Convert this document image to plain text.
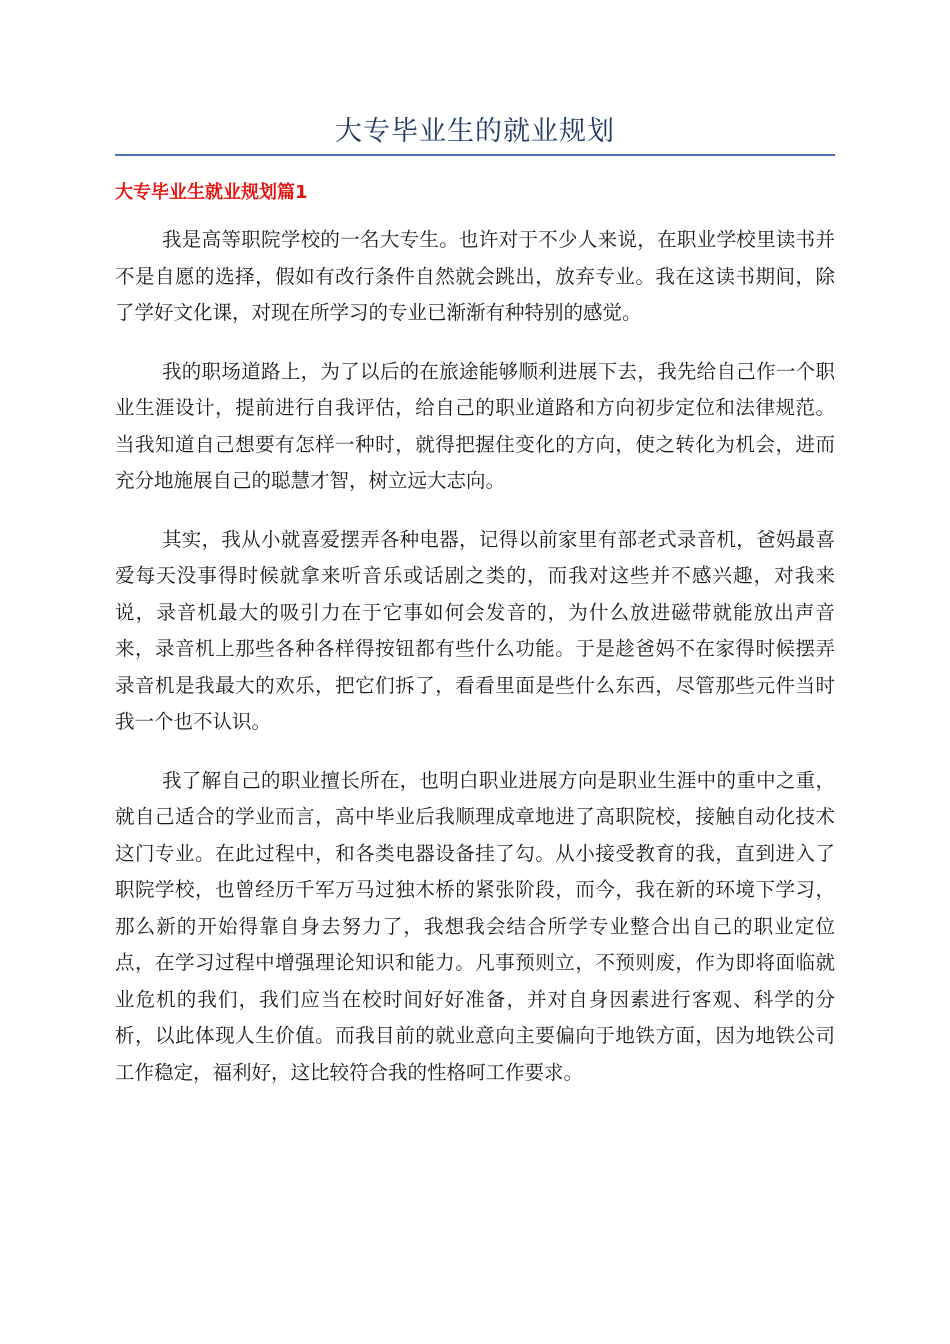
大专毕业生的就业规划
大专毕业生就业规划篇1

我是高等职院学校的一名大专生。也许对于不少人来说，在职业学校里读书并不是自愿的选择，假如有改行条件自然就会跳出，放弃专业。我在这读书期间，除了学好文化课，对现在所学习的专业已渐渐有种特别的感觉。

我的职场道路上，为了以后的在旅途能够顺利进展下去，我先给自己作一个职业生涯设计，提前进行自我评估，给自己的职业道路和方向初步定位和法律规范。当我知道自己想要有怎样一种时，就得把握住变化的方向，使之转化为机会，进而充分地施展自己的聪慧才智，树立远大志向。

其实，我从小就喜爱摆弄各种电器，记得以前家里有部老式录音机，爸妈最喜爱每天没事得时候就拿来听音乐或话剧之类的，而我对这些并不感兴趣，对我来说，录音机最大的吸引力在于它事如何会发音的，为什么放进磁带就能放出声音来，录音机上那些各种各样得按钮都有些什么功能。于是趁爸妈不在家得时候摆弄录音机是我最大的欢乐，把它们拆了，看看里面是些什么东西，尽管那些元件当时我一个也不认识。

我了解自己的职业擅长所在，也明白职业进展方向是职业生涯中的重中之重，就自己适合的学业而言，高中毕业后我顺理成章地进了高职院校，接触自动化技术这门专业。在此过程中，和各类电器设备挂了勾。从小接受教育的我，直到进入了职院学校，也曾经历千军万马过独木桥的紧张阶段，而今，我在新的环境下学习，那么新的开始得靠自身去努力了，我想我会结合所学专业整合出自己的职业定位点，在学习过程中增强理论知识和能力。凡事预则立，不预则废，作为即将面临就业危机的我们，我们应当在校时间好好准备，并对自身因素进行客观、科学的分析，以此体现人生价值。而我目前的就业意向主要偏向于地铁方面，因为地铁公司工作稳定，福利好，这比较符合我的性格呵工作要求。
